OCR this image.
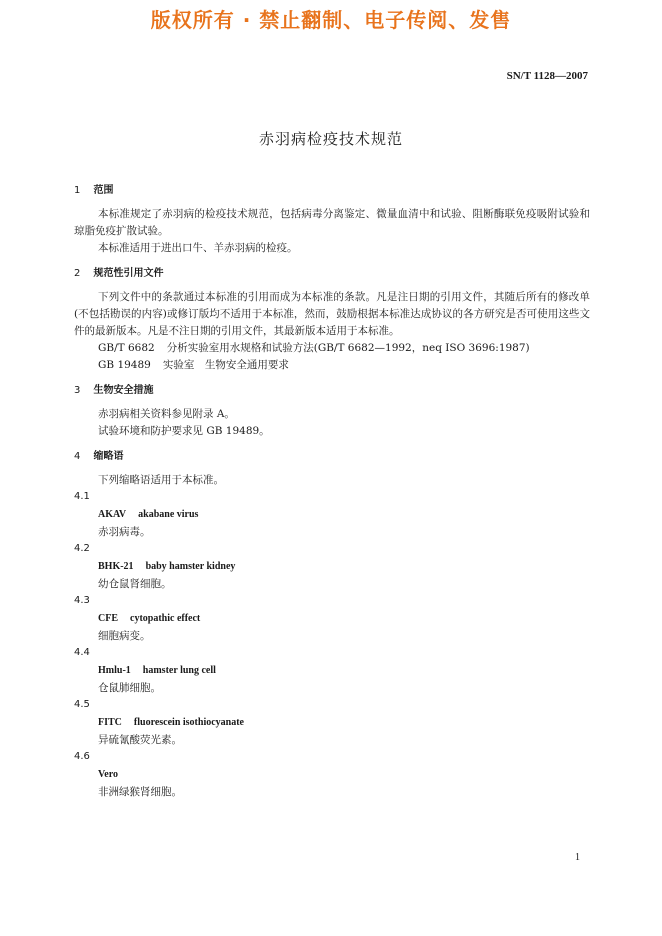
版权所有 · 禁止翻制、电子传阅、发售
SN/T 1128—2007
赤羽病检疫技术规范

1 范围

本标准规定了赤羽病的检疫技术规范，包括病毒分离鉴定、微量血清中和试验、阻断酶联免疫吸附试验和琼脂免疫扩散试验。

本标准适用于进出口牛、羊赤羽病的检疫。

2 规范性引用文件

下列文件中的条款通过本标准的引用而成为本标准的条款。凡是注日期的引用文件，其随后所有的修改单(不包括勘误的内容)或修订版均不适用于本标准，然而，鼓励根据本标准达成协议的各方研究是否可使用这些文件的最新版本。凡是不注日期的引用文件，其最新版本适用于本标准。

GB/T 6682 分析实验室用水规格和试验方法(GB/T 6682—1992，neq ISO 3696:1987)

GB 19489 实验室　生物安全通用要求

3 生物安全措施

赤羽病相关资料参见附录 A。

试验环境和防护要求见 GB 19489。

4 缩略语

下列缩略语适用于本标准。

4.1

AKAV akabane virus

赤羽病毒。

4.2

BHK-21 baby hamster kidney

幼仓鼠肾细胞。

4.3

CFE cytopathic effect

细胞病变。

4.4

Hmlu-1 hamster lung cell

仓鼠肺细胞。

4.5

FITC fluorescein isothiocyanate

异硫氰酸荧光素。

4.6

Vero

非洲绿猴肾细胞。

1
